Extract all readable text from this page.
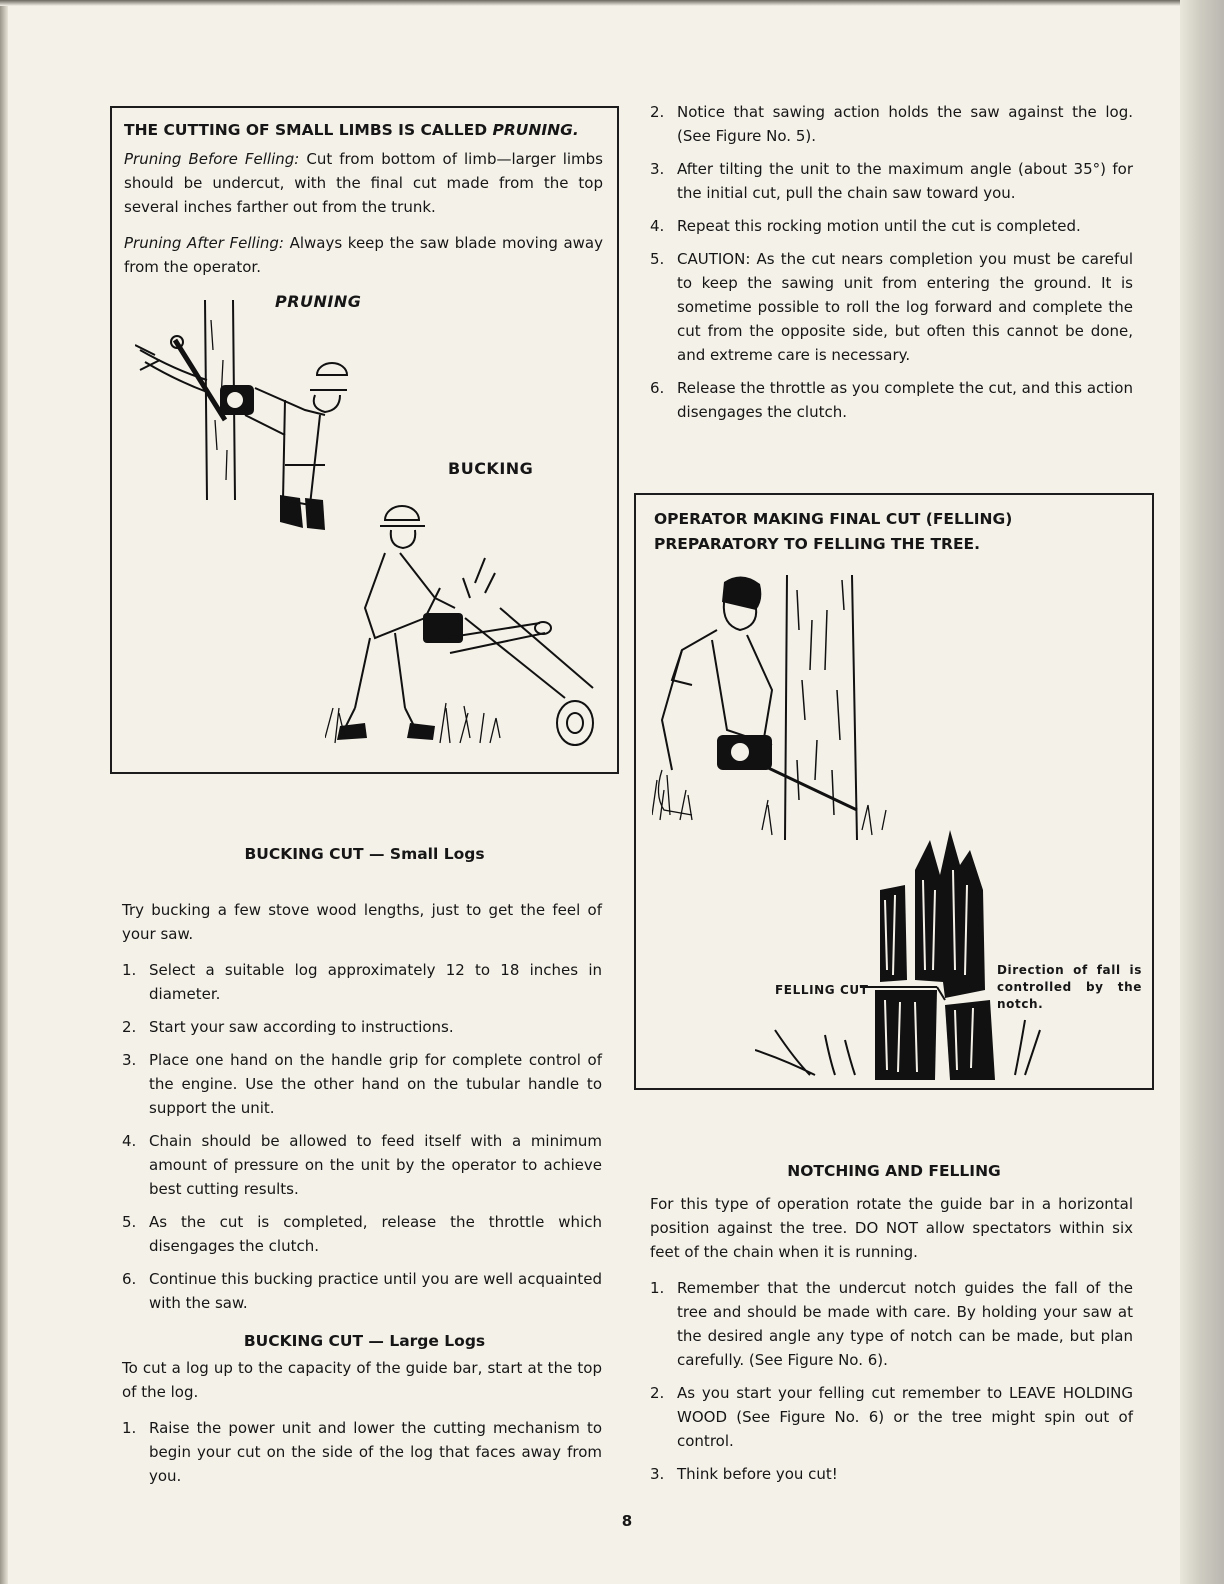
THE CUTTING OF SMALL LIMBS IS CALLED PRUNING.

Pruning Before Felling: Cut from bottom of limb—larger limbs should be undercut, with the final cut made from the top several inches farther out from the trunk.

Pruning After Felling: Always keep the saw blade moving away from the operator.

PRUNING
BUCKING
BUCKING CUT — Small Logs

Try bucking a few stove wood lengths, just to get the feel of your saw.

1. Select a suitable log approximately 12 to 18 inches in diameter.
2. Start your saw according to instructions.
3. Place one hand on the handle grip for complete control of the engine. Use the other hand on the tubular handle to support the unit.
4. Chain should be allowed to feed itself with a minimum amount of pressure on the unit by the operator to achieve best cutting results.
5. As the cut is completed, release the throttle which disengages the clutch.
6. Continue this bucking practice until you are well acquainted with the saw.
BUCKING CUT — Large Logs

To cut a log up to the capacity of the guide bar, start at the top of the log.

1. Raise the power unit and lower the cutting mechanism to begin your cut on the side of the log that faces away from you.
2. Notice that sawing action holds the saw against the log. (See Figure No. 5).
3. After tilting the unit to the maximum angle (about 35°) for the initial cut, pull the chain saw toward you.
4. Repeat this rocking motion until the cut is completed.
5. CAUTION: As the cut nears completion you must be careful to keep the sawing unit from entering the ground. It is sometime possible to roll the log forward and complete the cut from the opposite side, but often this cannot be done, and extreme care is necessary.
6. Release the throttle as you complete the cut, and this action disengages the clutch.

OPERATOR MAKING FINAL CUT (FELLING) PREPARATORY TO FELLING THE TREE.

FELLING CUT
Direction of fall is controlled by the notch.
NOTCHING AND FELLING

For this type of operation rotate the guide bar in a horizontal position against the tree. DO NOT allow spectators within six feet of the chain when it is running.

1. Remember that the undercut notch guides the fall of the tree and should be made with care. By holding your saw at the desired angle any type of notch can be made, but plan carefully. (See Figure No. 6).
2. As you start your felling cut remember to LEAVE HOLDING WOOD (See Figure No. 6) or the tree might spin out of control.
3. Think before you cut!
8
